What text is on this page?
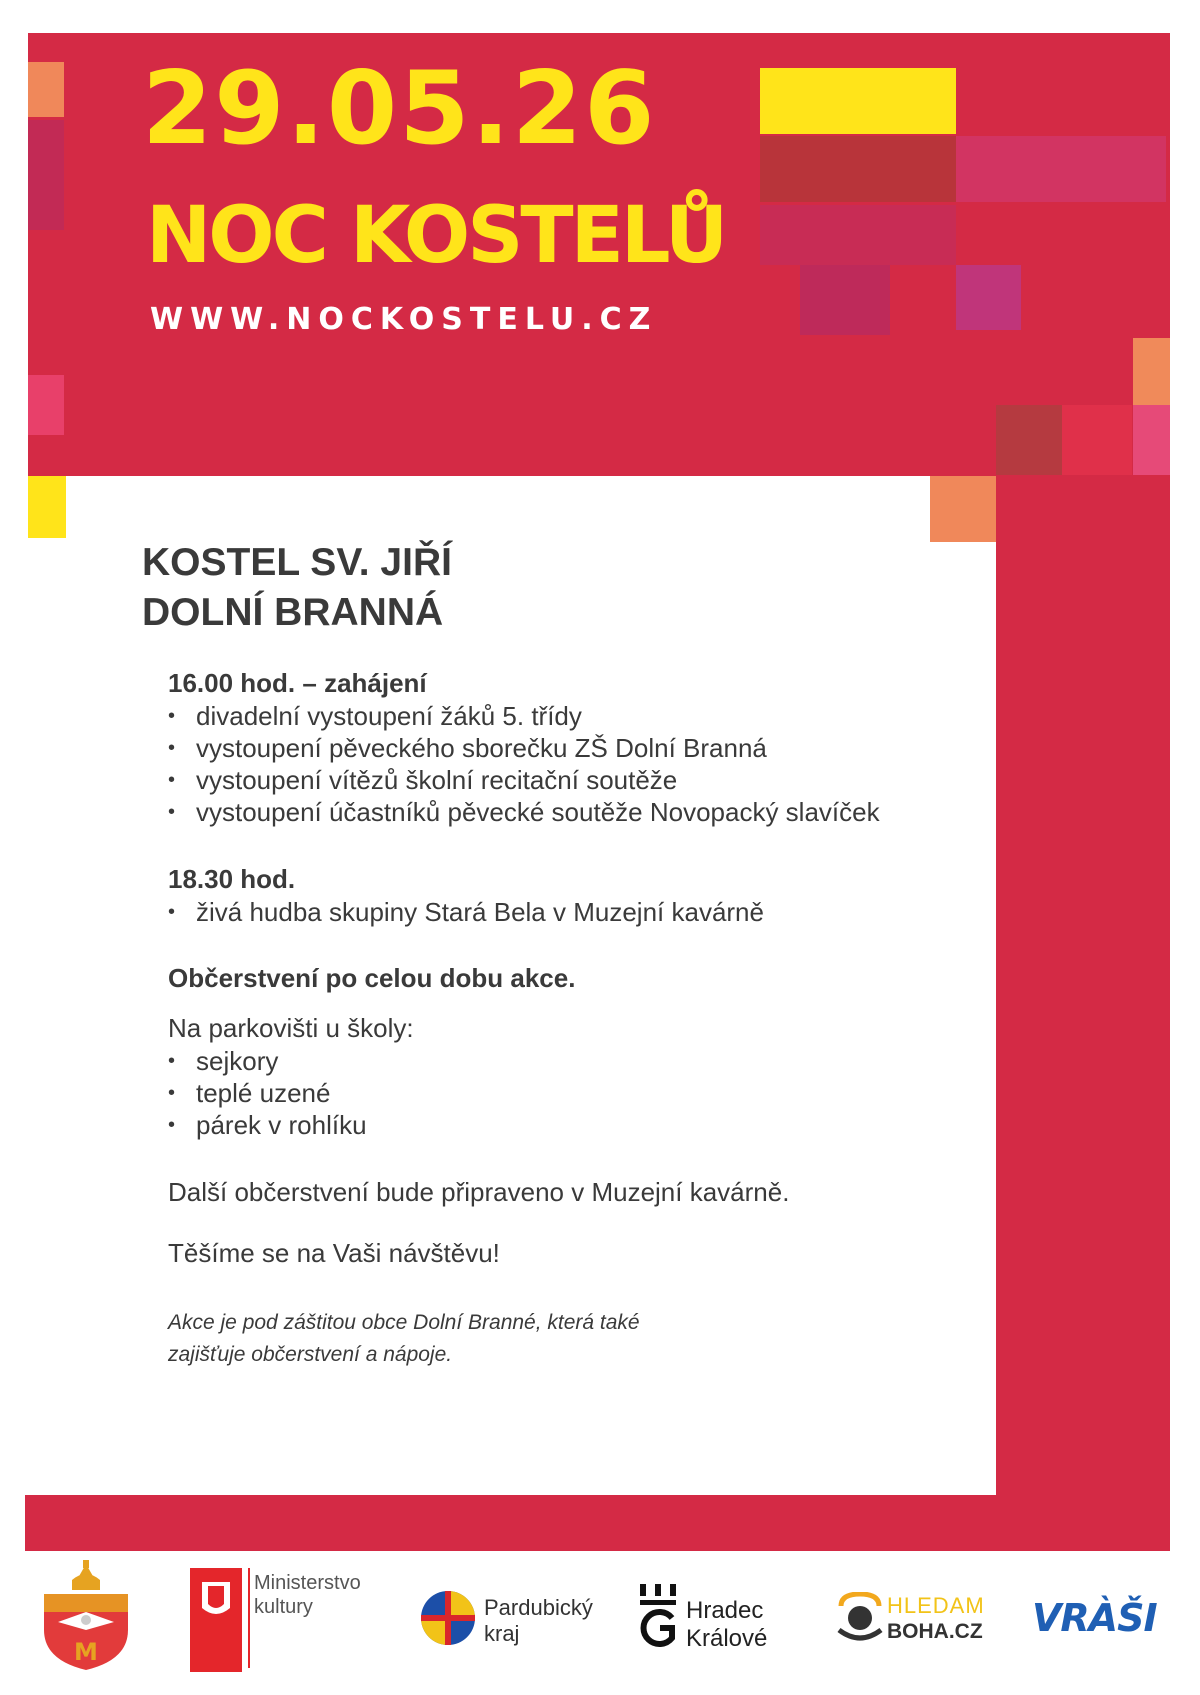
29.05.26
NOC KOSTELŮ
WWW.NOCKOSTELU.CZ
KOSTEL SV. JIŘÍ
DOLNÍ BRANNÁ
16.00 hod. – zahájení
• divadelní vystoupení žáků 5. třídy
• vystoupení pěveckého sborečku ZŠ Dolní Branná
• vystoupení vítězů školní recitační soutěže
• vystoupení účastníků pěvecké soutěže Novopacký slavíček
18.30 hod.
• živá hudba skupiny Stará Bela v Muzejní kavárně
Občerstvení po celou dobu akce.
Na parkovišti u školy:
• sejkory
• teplé uzené
• párek v rohlíku
Další občerstvení bude připraveno v Muzejní kavárně.
Těšíme se na Vaši návštěvu!
Akce je pod záštitou obce Dolní Branné, která také
zajišťuje občerstvení a nápoje.
M
Ministerstvo
kultury	Pardubický
kraj
Hradec
Králové
HLEDAM
BOHA.CZ VRÀŠI
